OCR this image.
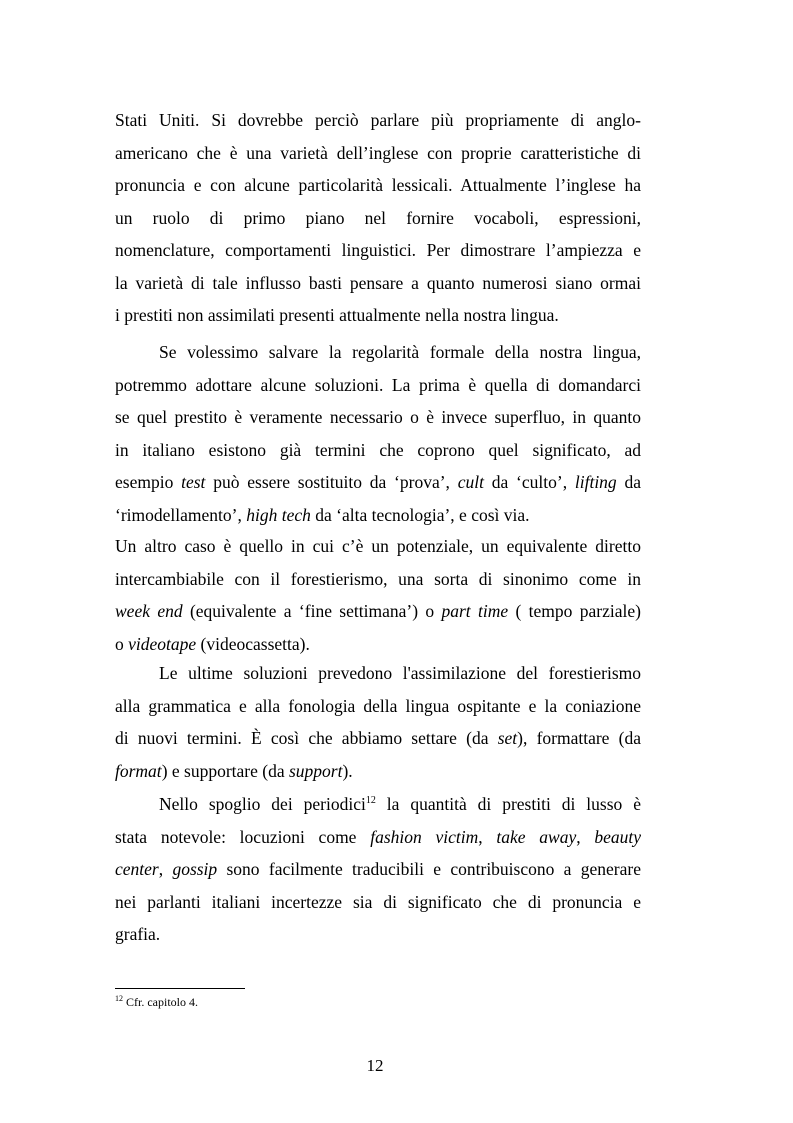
Stati Uniti. Si dovrebbe perciò parlare più propriamente di anglo-
americano che è una varietà dell’inglese con proprie caratteristiche di
pronuncia e con alcune particolarità lessicali. Attualmente l’inglese ha
un ruolo di primo piano nel fornire vocaboli, espressioni,
nomenclature, comportamenti linguistici. Per dimostrare l’ampiezza e
la varietà di tale influsso basti pensare a quanto numerosi siano ormai
i prestiti non assimilati presenti attualmente nella nostra lingua.
Se volessimo salvare la regolarità formale della nostra lingua,
potremmo adottare alcune soluzioni. La prima è quella di domandarci
se quel prestito è veramente necessario o è invece superfluo, in quanto
in italiano esistono già termini che coprono quel significato, ad
esempio test può essere sostituito da ‘prova’, cult da ‘culto’, lifting da
‘rimodellamento’, high tech da ‘alta tecnologia’, e così via.
Un altro caso è quello in cui c’è un potenziale, un equivalente diretto
intercambiabile con il forestierismo, una sorta di sinonimo come in
week end (equivalente a ‘fine settimana’) o part time ( tempo parziale)
o videotape (videocassetta).
Le ultime soluzioni prevedono l'assimilazione del forestierismo
alla grammatica e alla fonologia della lingua ospitante e la coniazione
di nuovi termini. È così che abbiamo settare (da set), formattare (da
format) e supportare (da support).
Nello spoglio dei periodici$^{12}$ la quantità di prestiti di lusso è
stata notevole: locuzioni come fashion victim, take away, beauty
center, gossip sono facilmente traducibili e contribuiscono a generare
nei parlanti italiani incertezze sia di significato che di pronuncia e
grafia.
$^{12}$ Cfr. capitolo 4.
12
